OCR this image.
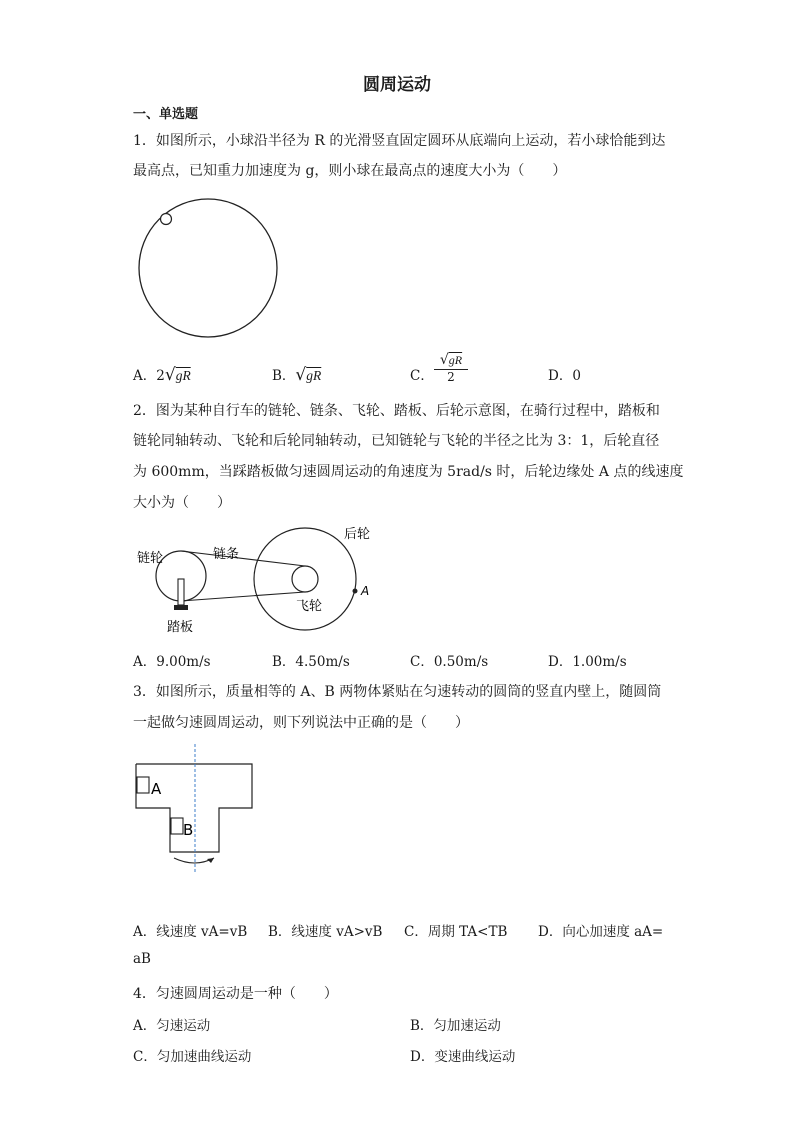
圆周运动
一、单选题
1．如图所示，小球沿半径为 R 的光滑竖直固定圆环从底端向上运动，若小球恰能到达
最高点，已知重力加速度为 g，则小球在最高点的速度大小为（　　）
A．2√gR	B．√gR	C．
√gR
2	D．0
2．图为某种自行车的链轮、链条、飞轮、踏板、后轮示意图，在骑行过程中，踏板和
链轮同轴转动、飞轮和后轮同轴转动，已知链轮与飞轮的半径之比为 3：1，后轮直径
为 600mm，当踩踏板做匀速圆周运动的角速度为 5rad/s 时，后轮边缘处 A 点的线速度
大小为（　　）
链轮	链条
后轮
飞轮
踏板
A
A．9.00m/s	B．4.50m/s	C．0.50m/s	D．1.00m/s
3．如图所示，质量相等的 A、B 两物体紧贴在匀速转动的圆筒的竖直内壁上，随圆筒
一起做匀速圆周运动，则下列说法中正确的是（　　）
A
B
A．线速度 vA=vB B．线速度 vA>vB C．周期 TA<TB D．向心加速度 aA=
aB
4．匀速圆周运动是一种（　　）
A．匀速运动	B．匀加速运动
C．匀加速曲线运动	D．变速曲线运动
